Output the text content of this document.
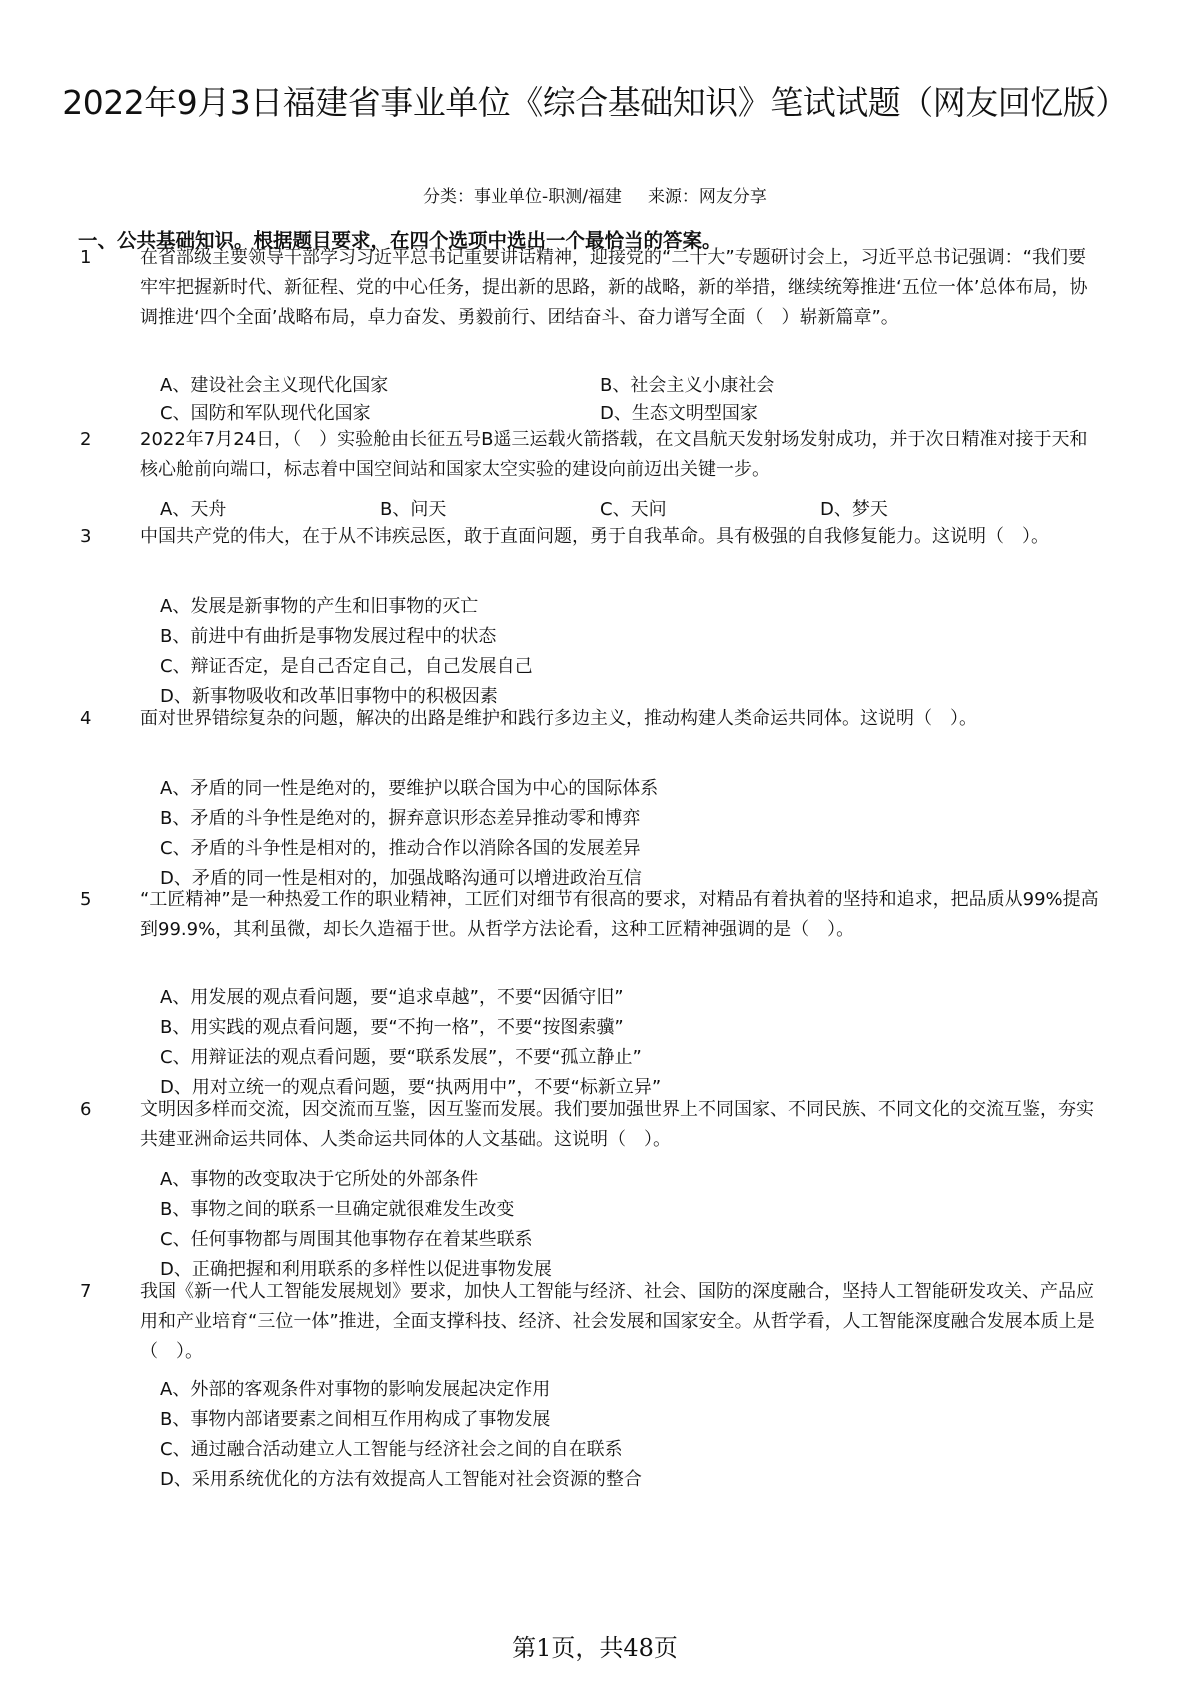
2022年9月3日福建省事业单位《综合基础知识》笔试试题（网友回忆版）
分类：事业单位-职测/福建 来源：网友分享
一、公共基础知识。根据题目要求，在四个选项中选出一个最恰当的答案。
1	在省部级主要领导干部学习习近平总书记重要讲话精神，迎接党的“二十大”专题研讨会上，习近平总书记强调：“我们要牢牢把握新时代、新征程、党的中心任务，提出新的思路，新的战略，新的举措，继续统筹推进‘五位一体’总体布局，协调推进‘四个全面’战略布局，卓力奋发、勇毅前行、团结奋斗、奋力谱写全面（　）崭新篇章”。

A、建设社会主义现代化国家	B、社会主义小康社会
C、国防和军队现代化国家	D、生态文明型国家
2	2022年7月24日，（　）实验舱由长征五号B遥三运载火箭搭载，在文昌航天发射场发射成功，并于次日精准对接于天和核心舱前向端口，标志着中国空间站和国家太空实验的建设向前迈出关键一步。

A、天舟	B、问天	C、天问	D、梦天
3	中国共产党的伟大，在于从不讳疾忌医，敢于直面问题，勇于自我革命。具有极强的自我修复能力。这说明（　）。

A、发展是新事物的产生和旧事物的灭亡
B、前进中有曲折是事物发展过程中的状态
C、辩证否定，是自己否定自己，自己发展自己
D、新事物吸收和改革旧事物中的积极因素
4	面对世界错综复杂的问题，解决的出路是维护和践行多边主义，推动构建人类命运共同体。这说明（　）。

A、矛盾的同一性是绝对的，要维护以联合国为中心的国际体系
B、矛盾的斗争性是绝对的，摒弃意识形态差异推动零和博弈
C、矛盾的斗争性是相对的，推动合作以消除各国的发展差异
D、矛盾的同一性是相对的，加强战略沟通可以增进政治互信
5	“工匠精神”是一种热爱工作的职业精神，工匠们对细节有很高的要求，对精品有着执着的坚持和追求，把品质从99%提高到99.9%，其利虽微，却长久造福于世。从哲学方法论看，这种工匠精神强调的是（　）。

A、用发展的观点看问题，要“追求卓越”，不要“因循守旧”
B、用实践的观点看问题，要“不拘一格”，不要“按图索骥”
C、用辩证法的观点看问题，要“联系发展”，不要“孤立静止”
D、用对立统一的观点看问题，要“执两用中”，不要“标新立异”
6	文明因多样而交流，因交流而互鉴，因互鉴而发展。我们要加强世界上不同国家、不同民族、不同文化的交流互鉴，夯实共建亚洲命运共同体、人类命运共同体的人文基础。这说明（　）。

A、事物的改变取决于它所处的外部条件
B、事物之间的联系一旦确定就很难发生改变
C、任何事物都与周围其他事物存在着某些联系
D、正确把握和利用联系的多样性以促进事物发展
7	我国《新一代人工智能发展规划》要求，加快人工智能与经济、社会、国防的深度融合，坚持人工智能研发攻关、产品应用和产业培育“三位一体”推进，全面支撑科技、经济、社会发展和国家安全。从哲学看，人工智能深度融合发展本质上是（　）。

A、外部的客观条件对事物的影响发展起决定作用
B、事物内部诸要素之间相互作用构成了事物发展
C、通过融合活动建立人工智能与经济社会之间的自在联系
D、采用系统优化的方法有效提高人工智能对社会资源的整合
第1页，共48页
